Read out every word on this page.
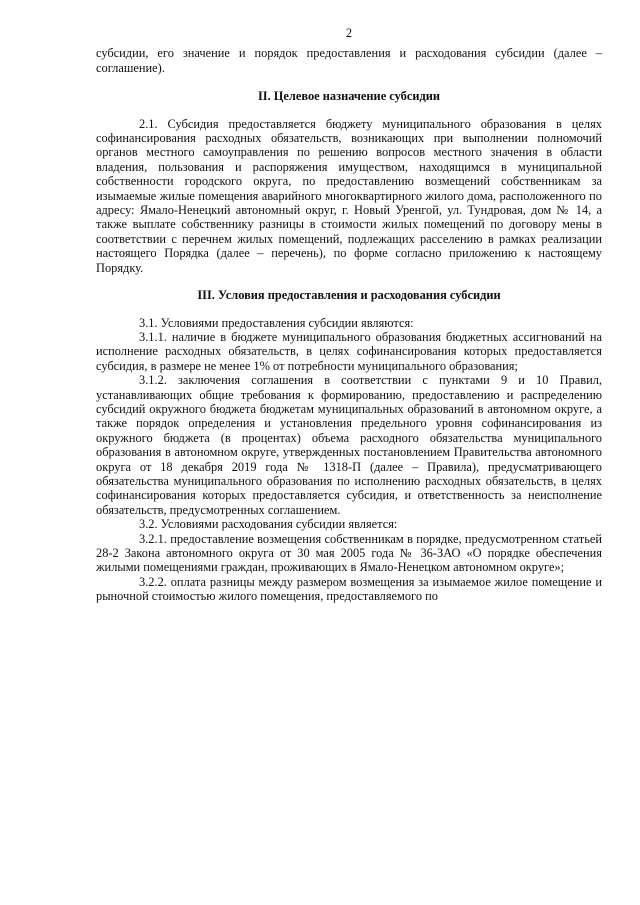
2

субсидии, его значение и порядок предоставления и расходования субсидии (далее – соглашение).

II. Целевое назначение субсидии

2.1. Субсидия предоставляется бюджету муниципального образования в целях софинансирования расходных обязательств, возникающих при выполнении полномочий органов местного самоуправления по решению вопросов местного значения в области владения, пользования и распоряжения имуществом, находящимся в муниципальной собственности городского округа, по предоставлению возмещений собственникам за изымаемые жилые помещения аварийного многоквартирного жилого дома, расположенного по адресу: Ямало-Ненецкий автономный округ, г. Новый Уренгой, ул. Тундровая, дом № 14, а также выплате собственнику разницы в стоимости жилых помещений по договору мены в соответствии с перечнем жилых помещений, подлежащих расселению в рамках реализации настоящего Порядка (далее – перечень), по форме согласно приложению к настоящему Порядку.

III. Условия предоставления и расходования субсидии

3.1. Условиями предоставления субсидии являются:

3.1.1. наличие в бюджете муниципального образования бюджетных ассигнований на исполнение расходных обязательств, в целях софинансирования которых предоставляется субсидия, в размере не менее 1% от потребности муниципального образования;

3.1.2. заключения соглашения в соответствии с пунктами 9 и 10 Правил, устанавливающих общие требования к формированию, предоставлению и распределению субсидий окружного бюджета бюджетам муниципальных образований в автономном округе, а также порядок определения и установления предельного уровня софинансирования из окружного бюджета (в процентах) объема расходного обязательства муниципального образования в автономном округе, утвержденных постановлением Правительства автономного округа от 18 декабря 2019 года № 1318-П (далее – Правила), предусматривающего обязательства муниципального образования по исполнению расходных обязательств, в целях софинансирования которых предоставляется субсидия, и ответственность за неисполнение обязательств, предусмотренных соглашением.

3.2. Условиями расходования субсидии является:

3.2.1. предоставление возмещения собственникам в порядке, предусмотренном статьей 28-2 Закона автономного округа от 30 мая 2005 года № 36-ЗАО «О порядке обеспечения жилыми помещениями граждан, проживающих в Ямало-Ненецком автономном округе»;

3.2.2. оплата разницы между размером возмещения за изымаемое жилое помещение и рыночной стоимостью жилого помещения, предоставляемого по
